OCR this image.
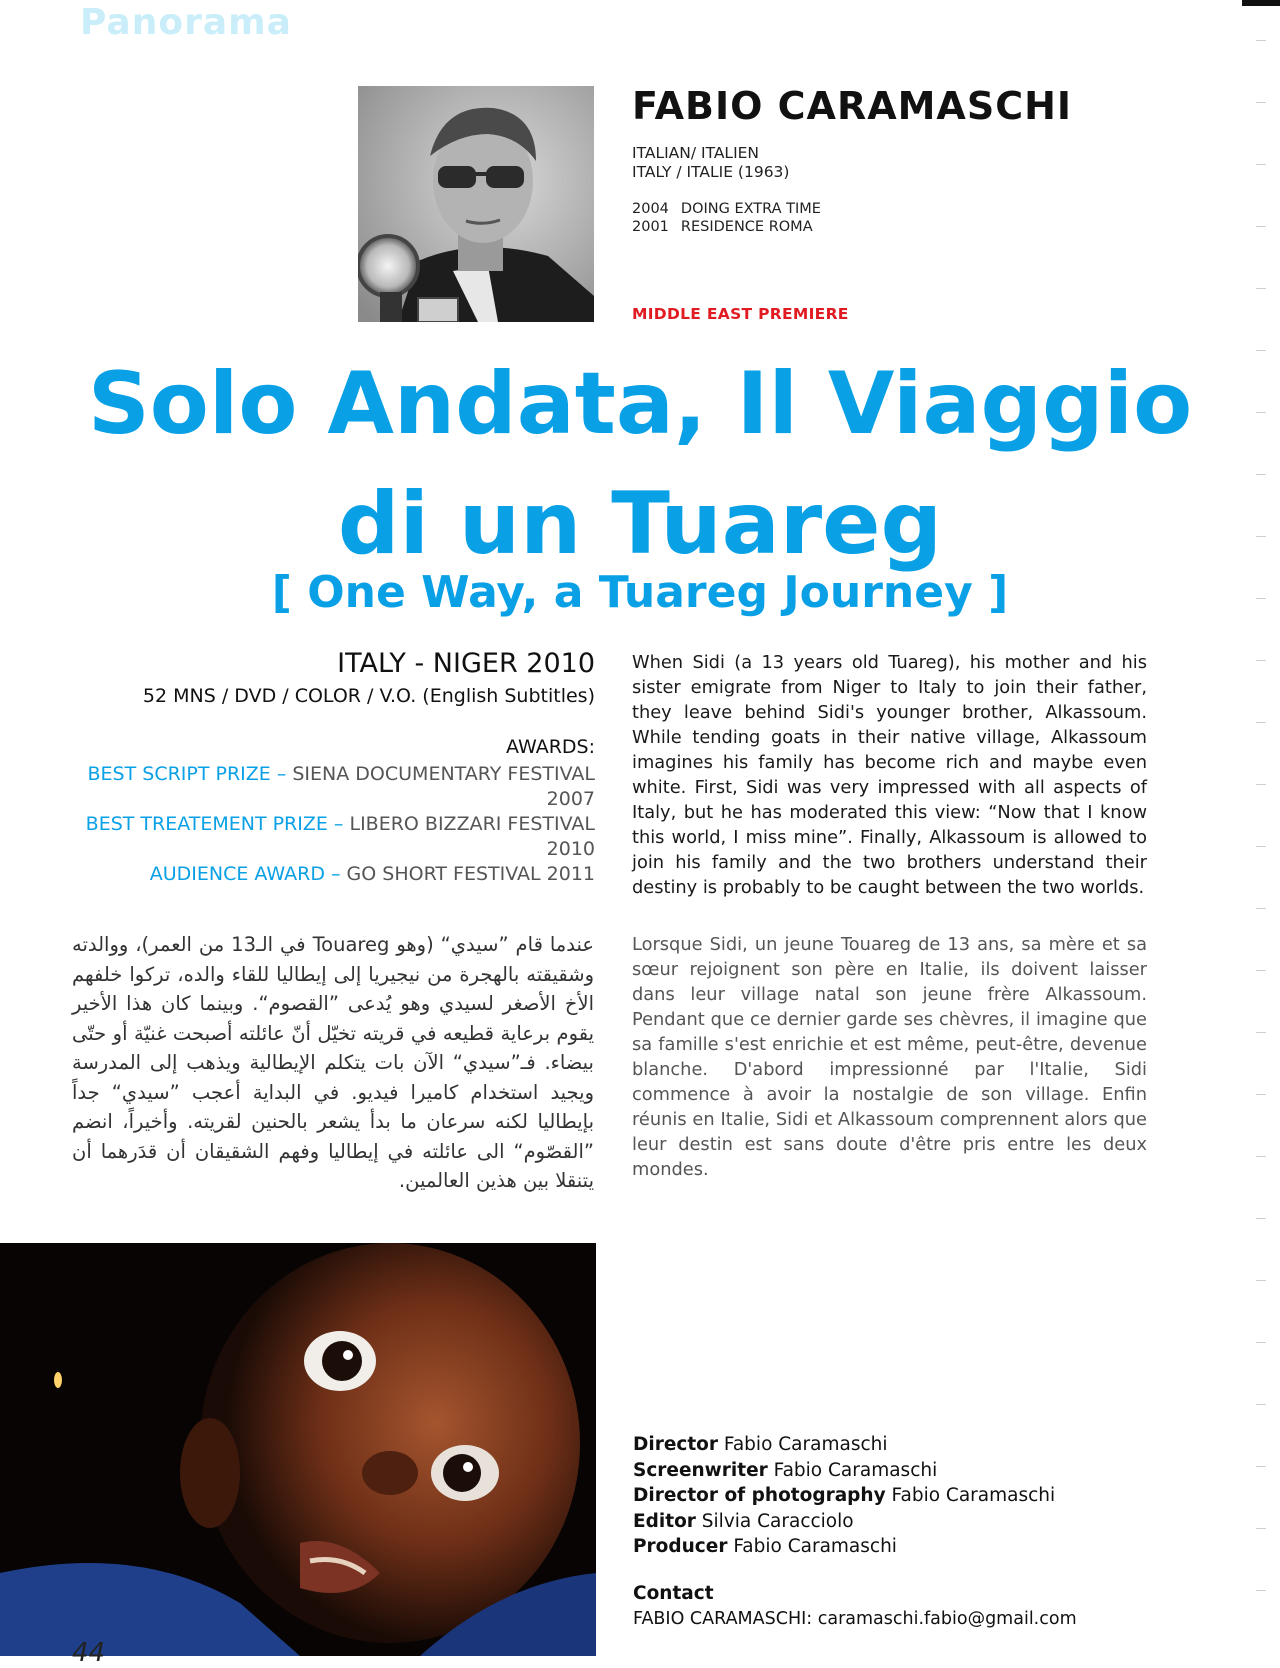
Panorama
FABIO CARAMASCHI
ITALIAN/ ITALIEN
ITALY / ITALIE (1963)
2004	DOING EXTRA TIME
2001	RESIDENCE ROMA
MIDDLE EAST PREMIERE
Solo Andata, Il Viaggio
di un Tuareg
[ One Way, a Tuareg Journey ]
ITALY - NIGER 2010
52 MNS / DVD / COLOR / V.O. (English Subtitles)
AWARDS:
BEST SCRIPT PRIZE – SIENA DOCUMENTARY FESTIVAL 2007
BEST TREATEMENT PRIZE – LIBERO BIZZARI FESTIVAL 2010
AUDIENCE AWARD – GO SHORT FESTIVAL 2011
When Sidi (a 13 years old Tuareg), his mother and his sister emigrate from Niger to Italy to join their father, they leave behind Sidi's younger brother, Alkassoum. While tending goats in their native village, Alkassoum imagines his family has become rich and maybe even white. First, Sidi was very impressed with all aspects of Italy, but he has moderated this view: “Now that I know this world, I miss mine”. Finally, Alkassoum is allowed to join his family and the two brothers understand their destiny is probably to be caught between the two worlds.
Lorsque Sidi, un jeune Touareg de 13 ans, sa mère et sa sœur rejoignent son père en Italie, ils doivent laisser dans leur village natal son jeune frère Alkassoum. Pendant que ce dernier garde ses chèvres, il imagine que sa famille s'est enrichie et est même, peut-être, devenue blanche. D'abord impressionné par l'Italie, Sidi commence à avoir la nostalgie de son village. Enfin réunis en Italie, Sidi et Alkassoum comprennent alors que leur destin est sans doute d'être pris entre les deux mondes.
عندما قام ”سيدي“ (وهو Touareg في الـ13 من العمر)، ووالدته وشقيقته بالهجرة من نيجيريا إلى إيطاليا للقاء والده، تركوا خلفهم الأخ الأصغر لسيدي وهو يُدعى ”القصوم“. وبينما كان هذا الأخير يقوم برعاية قطيعه في قريته تخيّل أنّ عائلته أصبحت غنيّة أو حتّى بيضاء. فـ”سيدي“ الآن بات يتكلم الإيطالية ويذهب إلى المدرسة ويجيد استخدام كاميرا فيديو. في البداية أعجب ”سيدي“ جداً بإيطاليا لكنه سرعان ما بدأ يشعر بالحنين لقريته. وأخيراً، انضم ”القصّوم“ الى عائلته في إيطاليا وفهم الشقيقان أن قدَرهما أن يتنقلا بين هذين العالمين.
Director Fabio Caramaschi
Screenwriter Fabio Caramaschi
Director of photography Fabio Caramaschi
Editor Silvia Caracciolo
Producer Fabio Caramaschi
Contact
FABIO CARAMASCHI: caramaschi.fabio@gmail.com
44
